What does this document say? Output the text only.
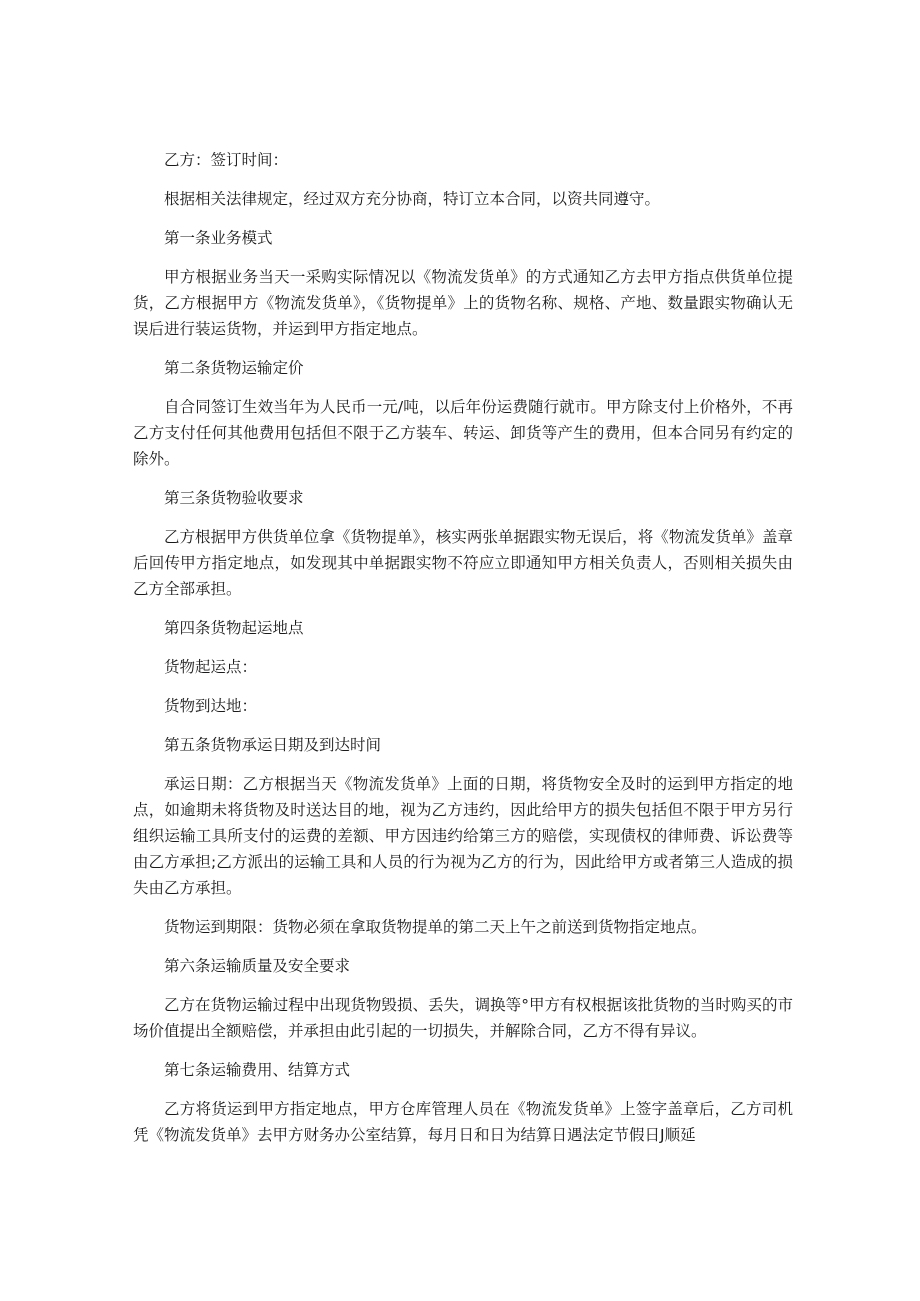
乙方：签订时间：

根据相关法律规定，经过双方充分协商，特订立本合同，以资共同遵守。

第一条业务模式

甲方根据业务当天一采购实际情况以《物流发货单》的方式通知乙方去甲方指点供货单位提货，乙方根据甲方《物流发货单》，《货物提单》上的货物名称、规格、产地、数量跟实物确认无误后进行装运货物，并运到甲方指定地点。

第二条货物运输定价

自合同签订生效当年为人民币一元/吨，以后年份运费随行就市。甲方除支付上价格外，不再乙方支付任何其他费用包括但不限于乙方装车、转运、卸货等产生的费用，但本合同另有约定的除外。

第三条货物验收要求

乙方根据甲方供货单位拿《货物提单》，核实两张单据跟实物无误后，将《物流发货单》盖章后回传甲方指定地点，如发现其中单据跟实物不符应立即通知甲方相关负责人，否则相关损失由乙方全部承担。

第四条货物起运地点

货物起运点：

货物到达地：

第五条货物承运日期及到达时间

承运日期：乙方根据当天《物流发货单》上面的日期，将货物安全及时的运到甲方指定的地点，如逾期未将货物及时送达目的地，视为乙方违约，因此给甲方的损失包括但不限于甲方另行组织运输工具所支付的运费的差额、甲方因违约给第三方的赔偿，实现债权的律师费、诉讼费等由乙方承担;乙方派出的运输工具和人员的行为视为乙方的行为，因此给甲方或者第三人造成的损失由乙方承担。

货物运到期限：货物必须在拿取货物提单的第二天上午之前送到货物指定地点。

第六条运输质量及安全要求

乙方在货物运输过程中出现货物毁损、丢失，调换等°甲方有权根据该批货物的当时购买的市场价值提出全额赔偿，并承担由此引起的一切损失，并解除合同，乙方不得有异议。

第七条运输费用、结算方式

乙方将货运到甲方指定地点，甲方仓库管理人员在《物流发货单》上签字盖章后，乙方司机凭《物流发货单》去甲方财务办公室结算，每月日和日为结算日遇法定节假日J顺延
